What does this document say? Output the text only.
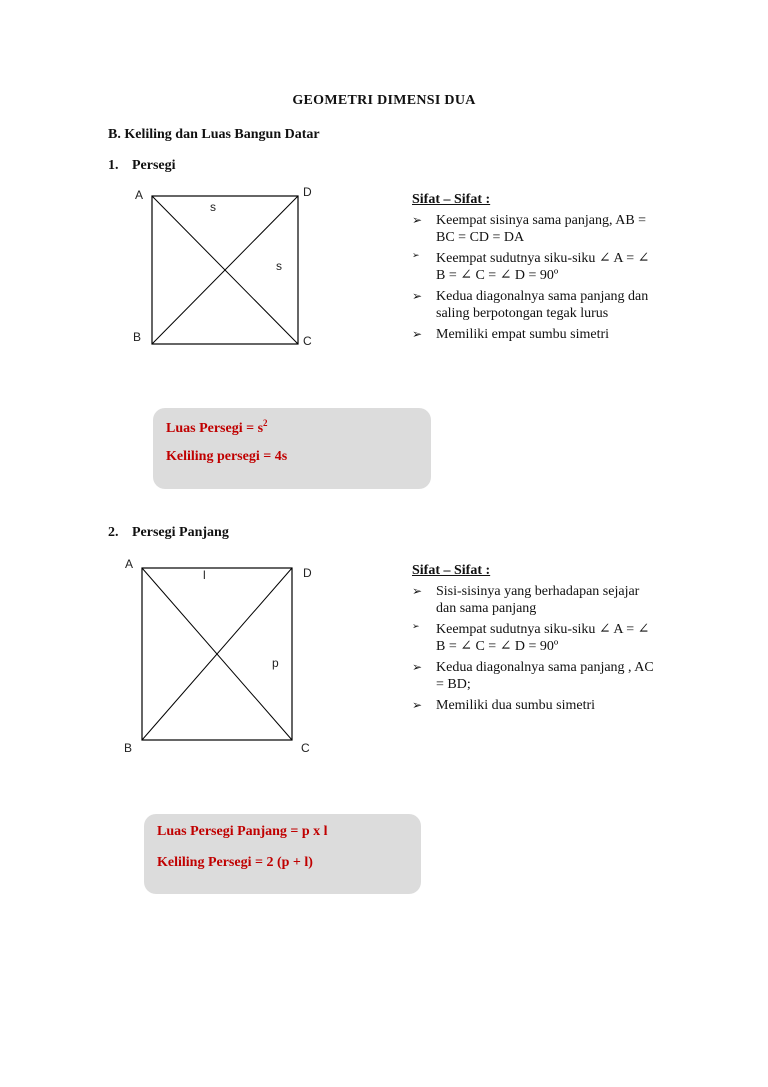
GEOMETRI DIMENSI DUA
B. Keliling dan Luas Bangun Datar
1. Persegi
A	D
B	C
s
s
Sifat – Sifat :
➢ Keempat sisinya sama panjang, AB = BC = CD = DA
➢ Keempat sudutnya siku-siku ∠ A = ∠ B = ∠ C = ∠ D = 90º
➢ Kedua diagonalnya sama panjang dan saling berpotongan tegak lurus
➢ Memiliki empat sumbu simetri
Luas Persegi = $s^2$
Keliling persegi = 4s
2. Persegi Panjang
A
D
B	C
l
p
Sifat – Sifat :
➢ Sisi-sisinya yang berhadapan sejajar dan sama panjang
➢ Keempat sudutnya siku-siku ∠ A = ∠ B = ∠ C = ∠ D = 90º
➢ Kedua diagonalnya sama panjang , AC = BD;
➢ Memiliki dua sumbu simetri
Luas Persegi Panjang = p x l
Keliling Persegi = 2 (p + l)
